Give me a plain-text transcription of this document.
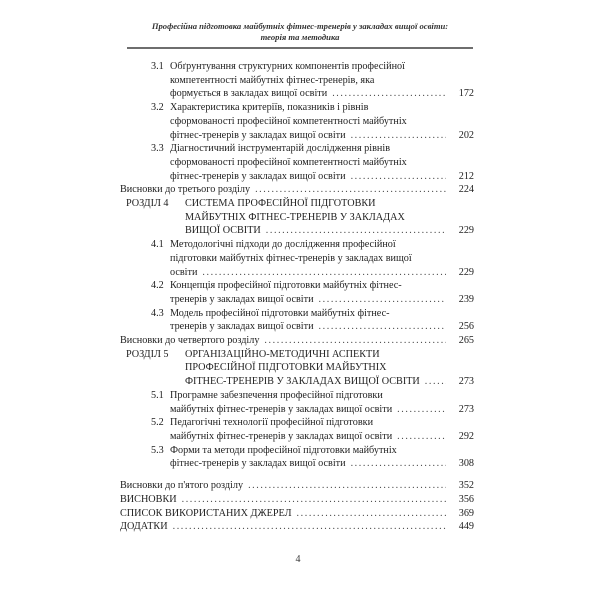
Професійна підготовка майбутніх фітнес-тренерів у закладах вищої освіти:
теорія та методика
3.1 Обґрунтування структурних компонентів професійної
компетентності майбутніх фітнес-тренерів, яка
формується в закладах вищої освіти .....	172
3.2 Характеристика критеріїв, показників і рівнів
сформованості професійної компетентності майбутніх
фітнес-тренерів у закладах вищої освіти .....	202
3.3 Діагностичний інструментарій дослідження рівнів
сформованості професійної компетентності майбутніх
фітнес-тренерів у закладах вищої освіти .....	212
Висновки до третього розділу .....	224
РОЗДІЛ 4	СИСТЕМА ПРОФЕСІЙНОЇ ПІДГОТОВКИ
МАЙБУТНІХ ФІТНЕС-ТРЕНЕРІВ У ЗАКЛАДАХ
ВИЩОЇ ОСВІТИ .....	229
4.1 Методологічні підходи до дослідження професійної
підготовки майбутніх фітнес-тренерів у закладах вищої
освіти .....	229
4.2 Концепція професійної підготовки майбутніх фітнес-
тренерів у закладах вищої освіти .....	239
4.3 Модель професійної підготовки майбутніх фітнес-
тренерів у закладах вищої освіти .....	256
Висновки до четвертого розділу .....	265
РОЗДІЛ 5	ОРГАНІЗАЦІЙНО-МЕТОДИЧНІ АСПЕКТИ
ПРОФЕСІЙНОЇ ПІДГОТОВКИ МАЙБУТНІХ
ФІТНЕС-ТРЕНЕРІВ У ЗАКЛАДАХ ВИЩОЇ ОСВІТИ .....	273
5.1 Програмне забезпечення професійної підготовки
майбутніх фітнес-тренерів у закладах вищої освіти .....	273
5.2 Педагогічні технології професійної підготовки
майбутніх фітнес-тренерів у закладах вищої освіти .....	292
5.3 Форми та методи професійної підготовки майбутніх
фітнес-тренерів у закладах вищої освіти .....	308
Висновки до п'ятого розділу .....	352
ВИСНОВКИ .....	356
СПИСОК ВИКОРИСТАНИХ ДЖЕРЕЛ .....	369
ДОДАТКИ .....	449
4
